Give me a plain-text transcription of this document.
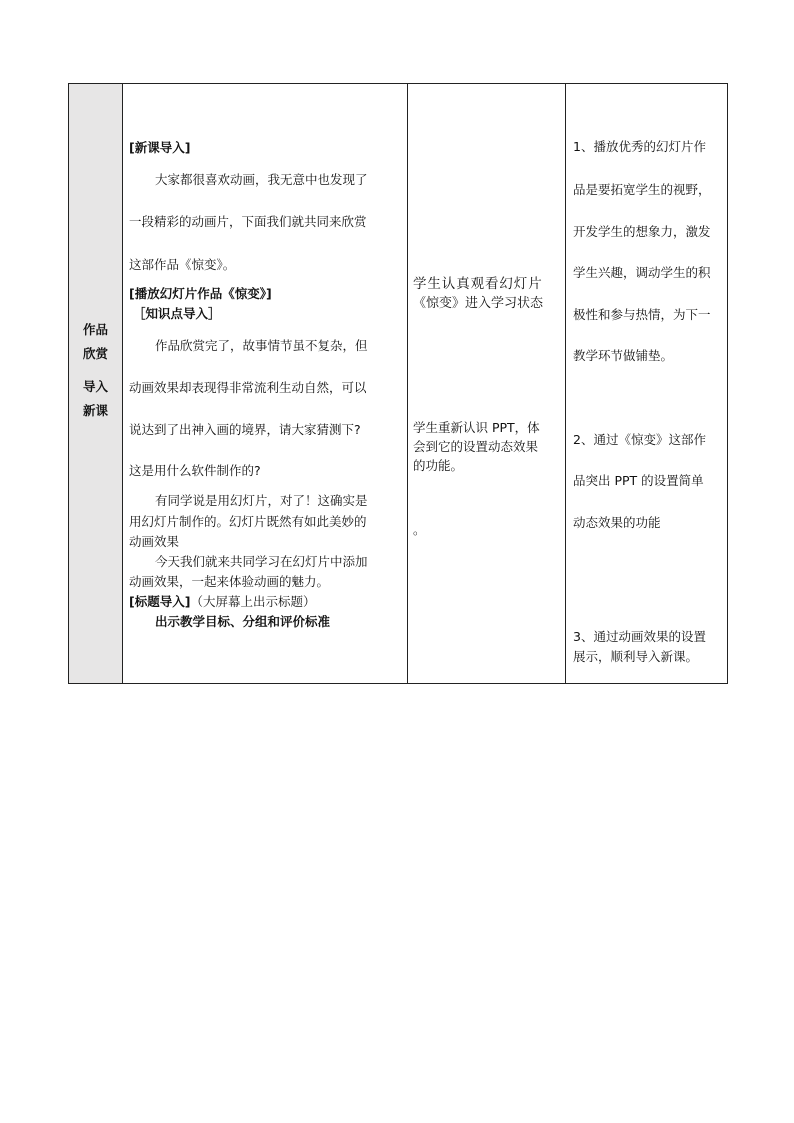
作品
欣赏
导入
新课
[新课导入]
大家都很喜欢动画，我无意中也发现了
一段精彩的动画片，下面我们就共同来欣赏
这部作品《惊变》。
[播放幻灯片作品《惊变》]
［知识点导入］
作品欣赏完了，故事情节虽不复杂，但
动画效果却表现得非常流利生动自然，可以
说达到了出神入画的境界，请大家猜测下?
这是用什么软件制作的?
有同学说是用幻灯片，对了！这确实是
用幻灯片制作的。幻灯片既然有如此美妙的
动画效果
今天我们就来共同学习在幻灯片中添加
动画效果，一起来体验动画的魅力。
[标题导入]（大屏幕上出示标题）
出示教学目标、分组和评价标准
学生认真观看幻灯片
《惊变》进入学习状态
学生重新认识 PPT，体
会到它的设置动态效果
的功能。
。
1、播放优秀的幻灯片作
品是要拓宽学生的视野，
开发学生的想象力，激发
学生兴趣，调动学生的积
极性和参与热情，为下一
教学环节做铺垫。
2、通过《惊变》这部作
品突出 PPT 的设置简单
动态效果的功能
3、通过动画效果的设置
展示，顺利导入新课。
